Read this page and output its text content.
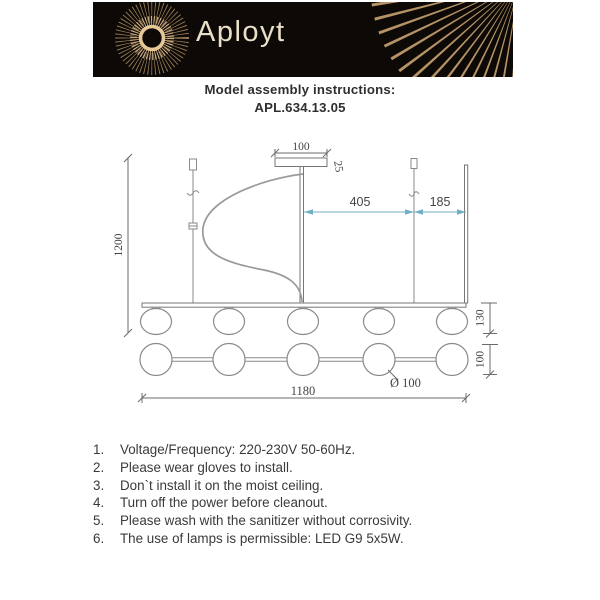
Aployt
Model assembly instructions:
APL.634.13.05
100
25
405	185
1200
130
100
Ø 100
1180
1.	Voltage/Frequency: 220-230V 50-60Hz.
2.	Please wear gloves to install.
3.	Don`t install it on the moist ceiling.
4.	Turn off the power before cleanout.
5.	Please wash with the sanitizer without corrosivity.
6.	The use of lamps is permissible: LED G9 5x5W.
